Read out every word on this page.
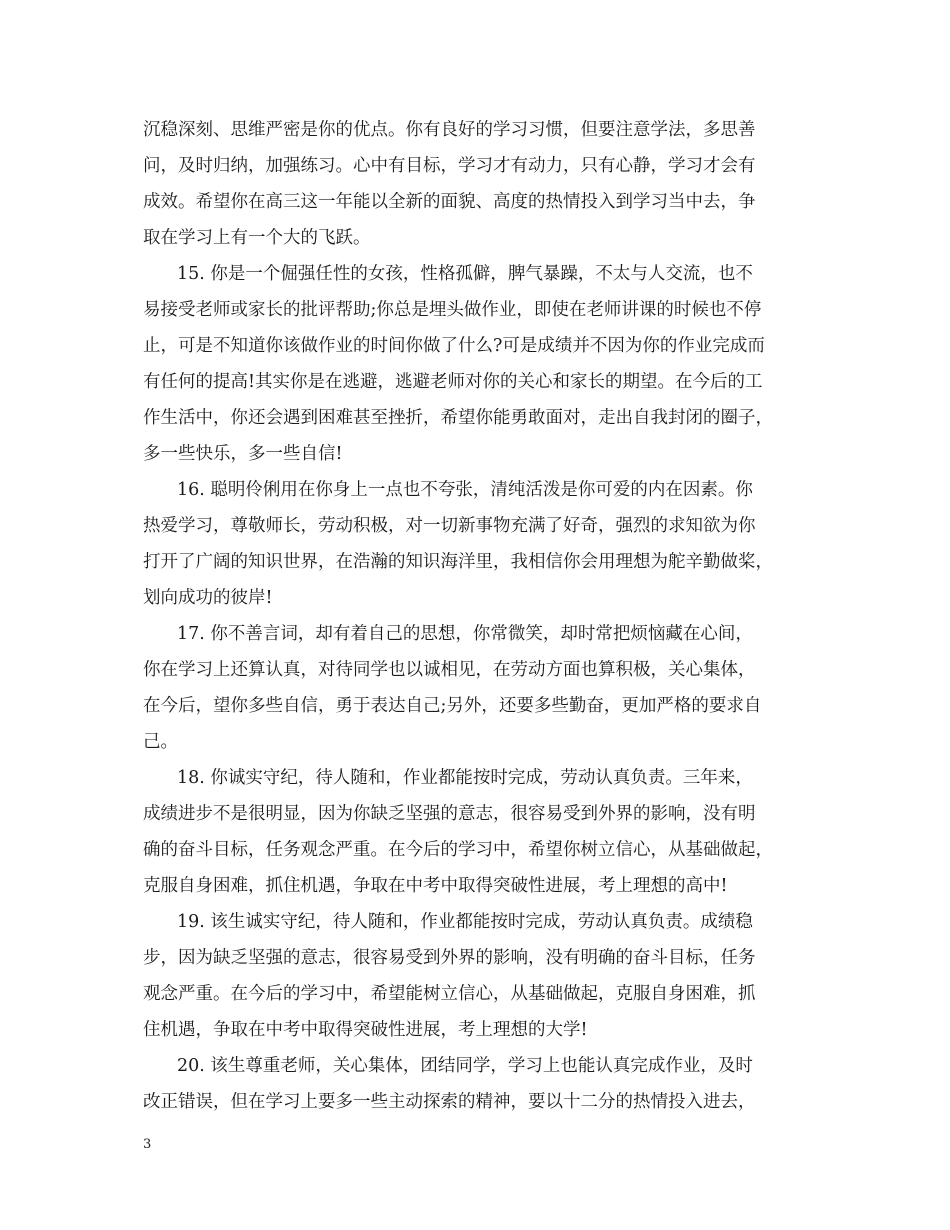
沉稳深刻、思维严密是你的优点。你有良好的学习习惯，但要注意学法，多思善
问，及时归纳，加强练习。心中有目标，学习才有动力，只有心静，学习才会有
成效。希望你在高三这一年能以全新的面貌、高度的热情投入到学习当中去，争
取在学习上有一个大的飞跃。
15. 你是一个倔强任性的女孩，性格孤僻，脾气暴躁，不太与人交流，也不
易接受老师或家长的批评帮助;你总是埋头做作业，即使在老师讲课的时候也不停
止，可是不知道你该做作业的时间你做了什么?可是成绩并不因为你的作业完成而
有任何的提高!其实你是在逃避，逃避老师对你的关心和家长的期望。在今后的工
作生活中，你还会遇到困难甚至挫折，希望你能勇敢面对，走出自我封闭的圈子，
多一些快乐，多一些自信!
16. 聪明伶俐用在你身上一点也不夸张，清纯活泼是你可爱的内在因素。你
热爱学习，尊敬师长，劳动积极，对一切新事物充满了好奇，强烈的求知欲为你
打开了广阔的知识世界，在浩瀚的知识海洋里，我相信你会用理想为舵辛勤做桨，
划向成功的彼岸!
17. 你不善言词，却有着自己的思想，你常微笑，却时常把烦恼藏在心间，
你在学习上还算认真，对待同学也以诚相见，在劳动方面也算积极，关心集体，
在今后，望你多些自信，勇于表达自己;另外，还要多些勤奋，更加严格的要求自
己。
18. 你诚实守纪，待人随和，作业都能按时完成，劳动认真负责。三年来，
成绩进步不是很明显，因为你缺乏坚强的意志，很容易受到外界的影响，没有明
确的奋斗目标，任务观念严重。在今后的学习中，希望你树立信心，从基础做起，
克服自身困难，抓住机遇，争取在中考中取得突破性进展，考上理想的高中!
19. 该生诚实守纪，待人随和，作业都能按时完成，劳动认真负责。成绩稳
步，因为缺乏坚强的意志，很容易受到外界的影响，没有明确的奋斗目标，任务
观念严重。在今后的学习中，希望能树立信心，从基础做起，克服自身困难，抓
住机遇，争取在中考中取得突破性进展，考上理想的大学!
20. 该生尊重老师，关心集体，团结同学，学习上也能认真完成作业，及时
改正错误，但在学习上要多一些主动探索的精神，要以十二分的热情投入进去，
3
